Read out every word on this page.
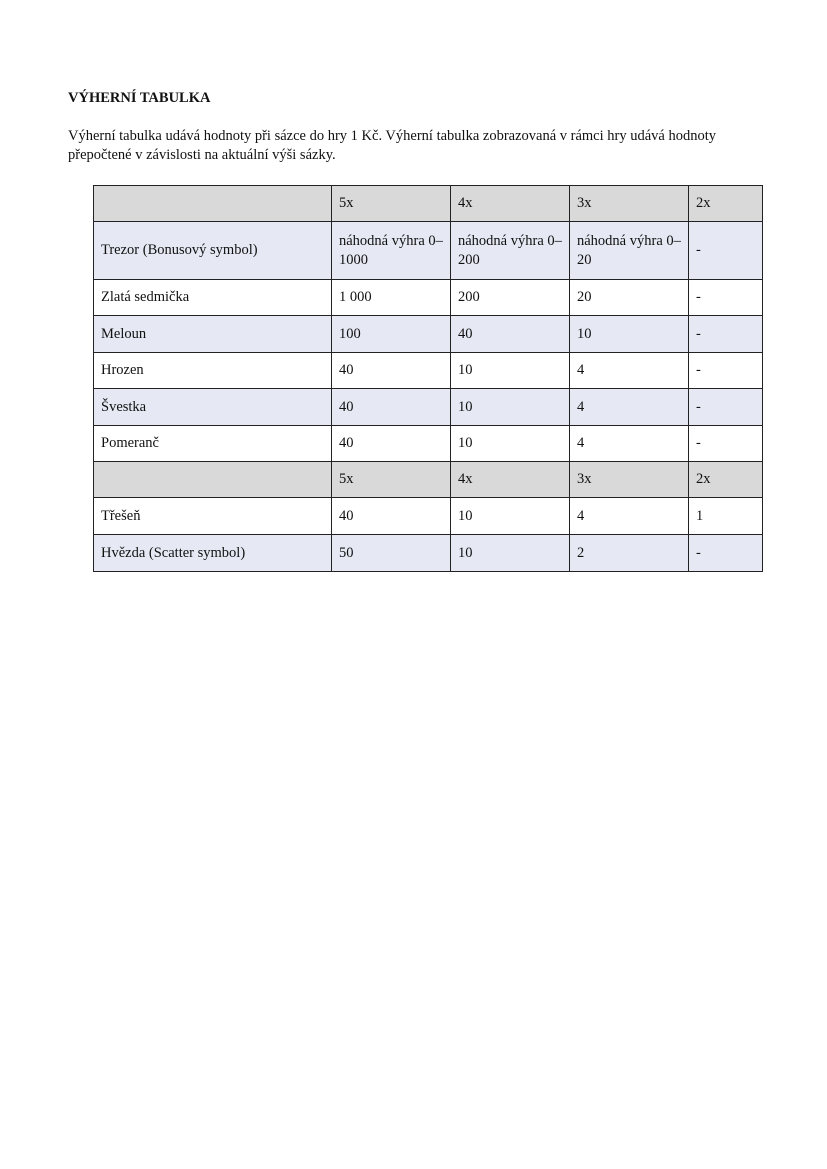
VÝHERNÍ TABULKA
Výherní tabulka udává hodnoty při sázce do hry 1 Kč. Výherní tabulka zobrazovaná v rámci hry udává hodnoty přepočtené v závislosti na aktuální výši sázky.
	5x	4x	3x	2x
Trezor (Bonusový symbol)	náhodná výhra 0–1000	náhodná výhra 0–200	náhodná výhra 0–20	-
Zlatá sedmička	1 000	200	20	-
Meloun	100	40	10	-
Hrozen	40	10	4	-
Švestka	40	10	4	-
Pomeranč	40	10	4	-
	5x	4x	3x	2x
Třešeň	40	10	4	1
Hvězda (Scatter symbol)	50	10	2	-
